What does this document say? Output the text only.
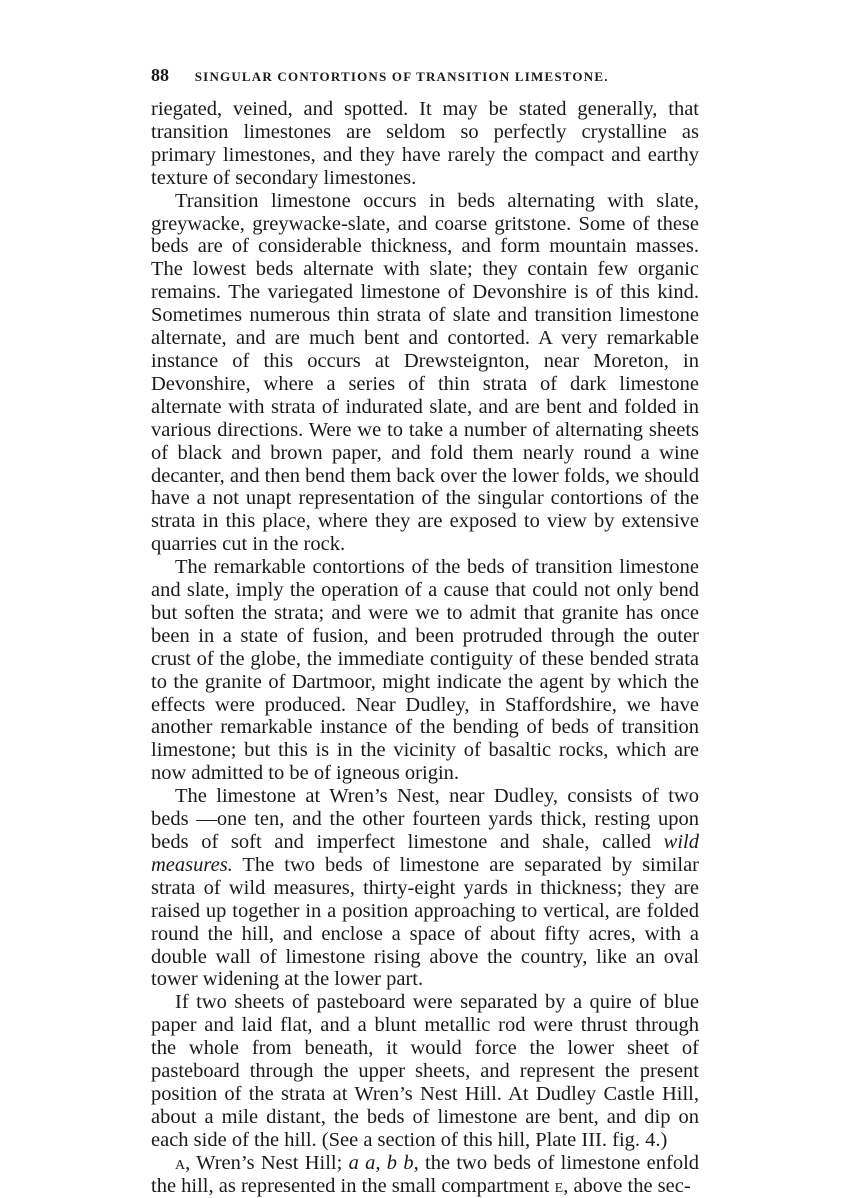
88 SINGULAR CONTORTIONS OF TRANSITION LIMESTONE.

riegated, veined, and spotted. It may be stated generally, that transition limestones are seldom so perfectly crystalline as primary limestones, and they have rarely the compact and earthy texture of secondary limestones.

Transition limestone occurs in beds alternating with slate, greywacke, greywacke-slate, and coarse gritstone. Some of these beds are of considerable thickness, and form mountain masses. The lowest beds alternate with slate; they contain few organic remains. The variegated limestone of Devonshire is of this kind. Sometimes numerous thin strata of slate and transition limestone alternate, and are much bent and contorted. A very remarkable instance of this occurs at Drewsteignton, near Moreton, in Devonshire, where a series of thin strata of dark limestone alternate with strata of indurated slate, and are bent and folded in various directions. Were we to take a number of alternating sheets of black and brown paper, and fold them nearly round a wine decanter, and then bend them back over the lower folds, we should have a not unapt representation of the singular contortions of the strata in this place, where they are exposed to view by extensive quarries cut in the rock.

The remarkable contortions of the beds of transition limestone and slate, imply the operation of a cause that could not only bend but soften the strata; and were we to admit that granite has once been in a state of fusion, and been protruded through the outer crust of the globe, the immediate contiguity of these bended strata to the granite of Dartmoor, might indicate the agent by which the effects were produced. Near Dudley, in Staffordshire, we have another remarkable instance of the bending of beds of transition limestone; but this is in the vicinity of basaltic rocks, which are now admitted to be of igneous origin.

The limestone at Wren’s Nest, near Dudley, consists of two beds —one ten, and the other fourteen yards thick, resting upon beds of soft and imperfect limestone and shale, called wild measures. The two beds of limestone are separated by similar strata of wild measures, thirty-eight yards in thickness; they are raised up together in a position approaching to vertical, are folded round the hill, and enclose a space of about fifty acres, with a double wall of limestone rising above the country, like an oval tower widening at the lower part.

If two sheets of pasteboard were separated by a quire of blue paper and laid flat, and a blunt metallic rod were thrust through the whole from beneath, it would force the lower sheet of pasteboard through the upper sheets, and represent the present position of the strata at Wren’s Nest Hill. At Dudley Castle Hill, about a mile distant, the beds of limestone are bent, and dip on each side of the hill. (See a section of this hill, Plate III. fig. 4.)

a, Wren’s Nest Hill; a a, b b, the two beds of limestone enfold the hill, as represented in the small compartment e, above the sec-
